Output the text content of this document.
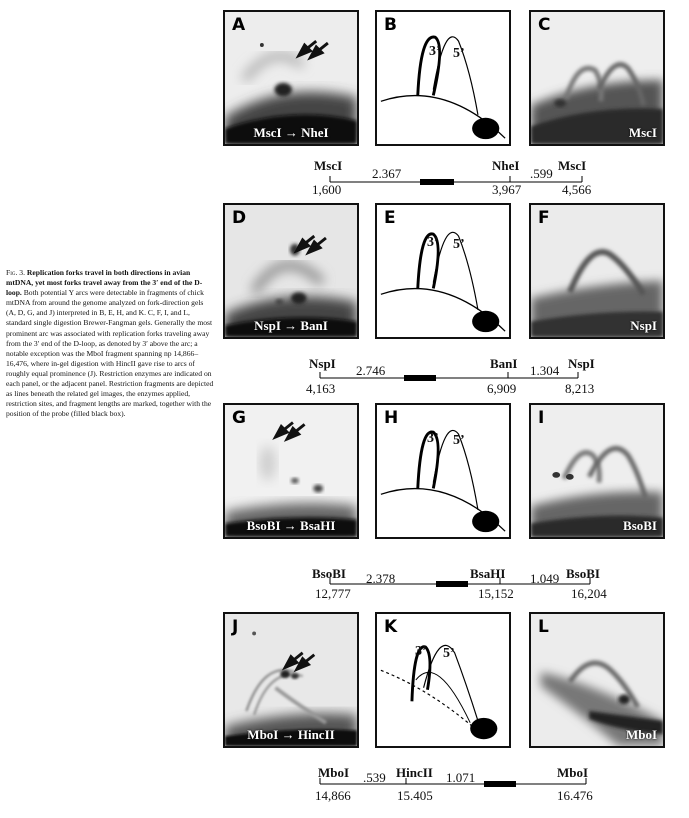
Fig. 3. Replication forks travel in both directions in avian mtDNA, yet most forks travel away from the 3′ end of the D-loop. Both potential Y arcs were detectable in fragments of chick mtDNA from around the genome analyzed on fork-direction gels (A, D, G, and J) interpreted in B, E, H, and K. C, F, I, and L, standard single digestion Brewer-Fangman gels. Generally the most prominent arc was associated with replication forks traveling away from the 3′ end of the D-loop, as denoted by 3′ above the arc; a notable exception was the MboI fragment spanning np 14,866–16,476, where in-gel digestion with HincII gave rise to arcs of roughly equal prominence (J). Restriction enzymes are indicated on each panel, or the adjacent panel. Restriction fragments are depicted as lines beneath the related gel images, the enzymes applied, restriction sites, and fragment lengths are marked, together with the position of the probe (filled black box).
A
MscI → NheI
B
3’ 5’
C
MscI
MscI
2.367
NheI
.599
MscI
1,600	3,967	4,566
D
NspI → BanI
E
3’ 5’
F
NspI
NspI 2.746	BanI 1.304 NspI
4,163	6,909	8,213
G
BsoBI → BsaHI
H
3’ 5’
I
BsoBI
BsoBI 2.378	BsaHI 1.049 BsoBI
12,777	15,152	16,204
J
MboI → HincII
K
3’ 5’
L
MboI
MboI .539 HincII 1.071	MboI
14,866	15.405	16.476
